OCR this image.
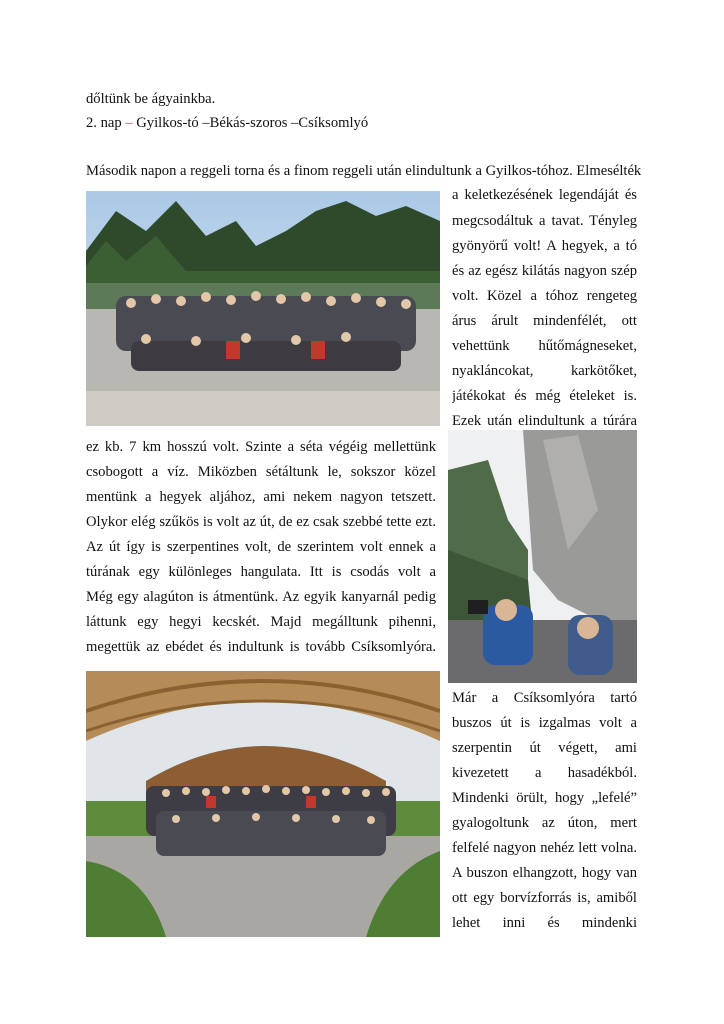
dőltünk be ágyainkba.
2. nap – Gyilkos-tó –Békás-szoros –Csíksomlyó
Második napon a reggeli torna és a finom reggeli után elindultunk a Gyilkos-tóhoz. Elmesélték
a keletkezésének legendáját és
megcsodáltuk a tavat. Tényleg
gyönyörű volt! A hegyek, a tó
és az egész kilátás nagyon szép
volt. Közel a tóhoz rengeteg
árus árult mindenfélét, ott
vehettünk hűtőmágneseket,
nyakláncokat, karkötőket,
játékokat és még ételeket is.
Ezek után elindultunk a túrára
ez kb. 7 km hosszú volt. Szinte a séta végéig mellettünk
csobogott a víz. Miközben sétáltunk le, sokszor közel
mentünk a hegyek aljához, ami nekem nagyon tetszett.
Olykor elég szűkös is volt az út, de ez csak szebbé tette ezt.
Az út így is szerpentines volt, de szerintem volt ennek a
túrának egy különleges hangulata. Itt is csodás volt a
Még egy alagúton is átmentünk. Az egyik kanyarnál pedig
láttunk egy hegyi kecskét. Majd megálltunk pihenni,
megettük az ebédet és indultunk is tovább Csíksomlyóra.
Már a Csíksomlyóra tartó
buszos út is izgalmas volt a
szerpentin út végett, ami
kivezetett a hasadékból.
Mindenki örült, hogy „lefelé”
gyalogoltunk az úton, mert
felfelé nagyon nehéz lett volna.
A buszon elhangzott, hogy van
ott egy borvízforrás is, amiből
lehet inni és mindenki
